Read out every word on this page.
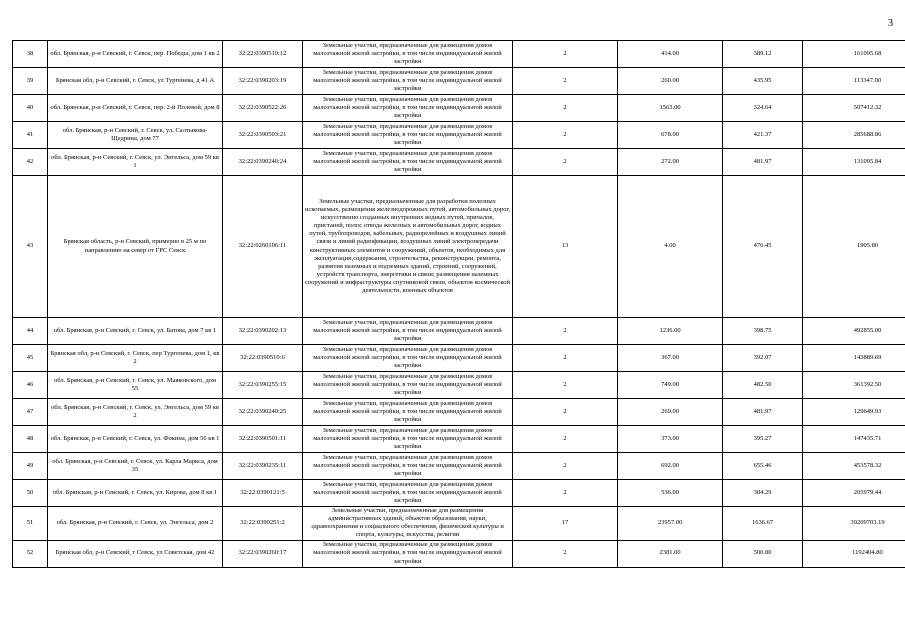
3
38	обл. Брянская, р-н Севский, г. Севск, пер. Победы, дом 1 кв 2	32:22:0390519:12	Земельные участки, предназначенные для размещения домов малоэтажной жилой застройки, в том числе индивидуальной жилой застройки	2	414.00	389.12	161095.68
39	Брянская обл, р-н Севский, г. Севск, ул Тургенева, д 41 А	32:22:0390203:19	Земельные участки, предназначенные для размещения домов малоэтажной жилой застройки, в том числе индивидуальной жилой застройки	2	260.00	435.95	113347.00
40	обл. Брянская, р-н Севский, г. Севск, пер. 2-й Полевой, дом 8	32:22:0390522:26	Земельные участки, предназначенные для размещения домов малоэтажной жилой застройки, в том числе индивидуальной жилой застройки	2	1563.00	324.64	507412.32
41	обл. Брянская, р-н Севский, г. Севск, ул. Салтыкова-Щедрина, дом 77	32:22:0390503:21	Земельные участки, предназначенные для размещения домов малоэтажной жилой застройки, в том числе индивидуальной жилой застройки	2	678.00	421.37	285688.86
42	обл. Брянская, р-н Севский, г. Севск, ул. Энгельса, дом 59 кв 1	32:22:0390240:24	Земельные участки, предназначенные для размещения домов малоэтажной жилой застройки, в том числе индивидуальной жилой застройки	2	272.00	481.97	131095.84
43	Брянская область, р-н Севский, примерно в 25 м по направлению на север от ГРС Севск	32:22:0260106:11	Земельные участки, предназначенные для разработки полезных ископаемых, размещения железнодорожных путей, автомобильных дорог, искусственно созданных внутренних водных путей, причалов, пристаней, полос отвода железных и автомобильных дорог, водных путей, трубопроводов, кабельных, радиорелейных и воздушных линий связи и линий радиофикации, воздушных линий электропередачи конструктивных элементов и сооружений, объектов, необходимых для эксплуатации,содержания, строительства, реконструкции, ремонта, развития наземных и подземных зданий, строений, сооружений, устройств транспорта, энергетики и связи; размещения наземных сооружений и инфраструктуры спутниковой связи, объектов космической деятельности, военных объектов	13	4.00	476.45	1905.80
44	обл. Брянская, р-н Севский, г. Севск, ул. Батова, дом 7 кв 1	32:22:0390202:13	Земельные участки, предназначенные для размещения домов малоэтажной жилой застройки, в том числе индивидуальной жилой застройки	2	1236.00	398.75	492855.00
45	Брянская обл, р-н Севский, г. Севск, пер Тургенева, дом 1, кв 2	32:22:0390510:6	Земельные участки, предназначенные для размещения домов малоэтажной жилой застройки, в том числе индивидуальной жилой застройки	2	367.00	392.07	143889.69
46	обл. Брянская, р-н Севский, г. Севск, ул. Маяковского, дом 55	32:22:0390255:15	Земельные участки, предназначенные для размещения домов малоэтажной жилой застройки, в том числе индивидуальной жилой застройки	2	749.00	482.50	361392.50
47	обл. Брянская, р-н Севский, г. Севск, ул. Энгельса, дом 59 кв 2	32:22:0390240:25	Земельные участки, предназначенные для размещения домов малоэтажной жилой застройки, в том числе индивидуальной жилой застройки	2	269.00	481.97	129649.93
48	обл. Брянская, р-н Севский, г. Севск, ул. Фокина, дом 56 кв 1	32:22:0390501:11	Земельные участки, предназначенные для размещения домов малоэтажной жилой застройки, в том числе индивидуальной жилой застройки	2	373.00	395.27	147435.71
49	обл. Брянская, р-н Севский, г. Севск, ул. Карла Маркса, дом 35	32:22:0390235:11	Земельные участки, предназначенные для размещения домов малоэтажной жилой застройки, в том числе индивидуальной жилой застройки	2	692.00	655.46	453578.32
50	обл. Брянская, р-н Севский, г. Севск, ул. Кирова, дом 8 кв 1	32:22:0390121:5	Земельные участки, предназначенные для размещения домов малоэтажной жилой застройки, в том числе индивидуальной жилой застройки	2	536.00	384.29	205979.44
51	обл. Брянская, р-н Севский, г. Севск, ул. Энгельса, дом 2	32:22:0390251:2	Земельные участки, предназначенные для размещения административных зданий, объектов образования, науки, здравоохранения и социального обеспечения, физической культуры и спорта, культуры, искусства, религии	17	23957.00	1636.67	39209703.19
52	Брянская обл, р-н Севский, г Севск, ул Советская, дом 42	32:22:0390260:17	Земельные участки, предназначенные для размещения домов малоэтажной жилой застройки, в том числе индивидуальной жилой застройки	2	2381.00	500.80	1192404.80
